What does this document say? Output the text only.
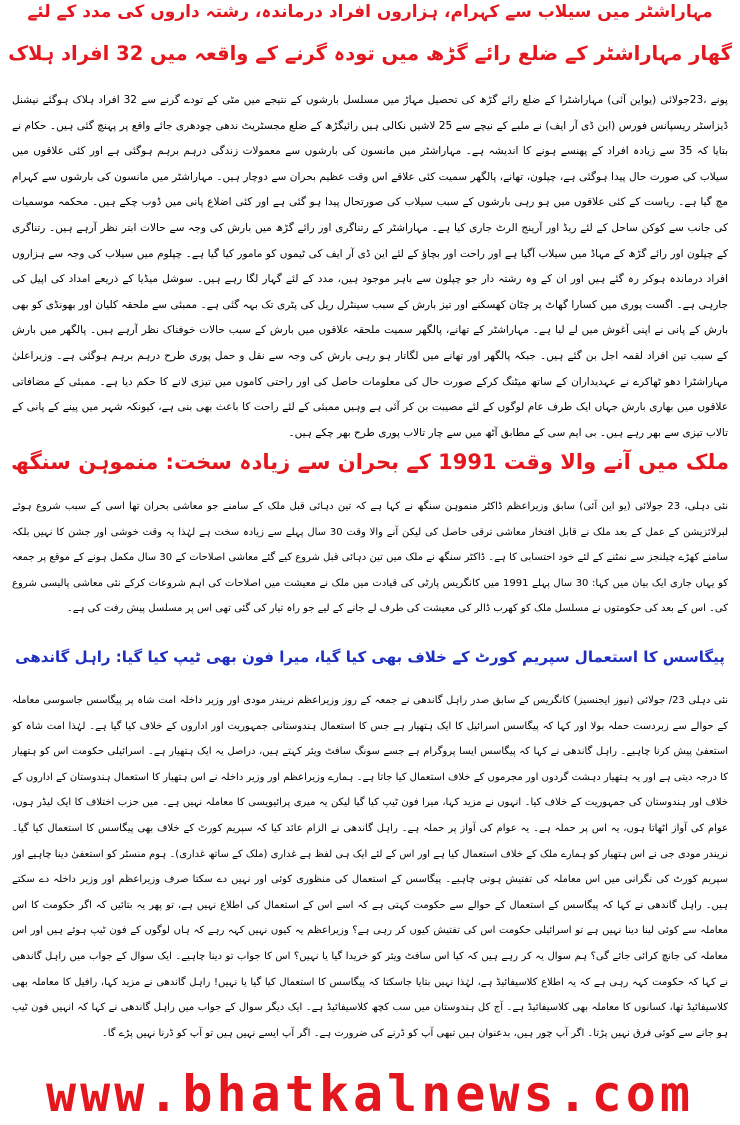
مہاراشٹر میں سیلاب سے کہرام، ہزاروں افراد درماندہ، رشتہ داروں کی مدد کے لئے
گھار مہاراشٹر کے ضلع رائے گڑھ میں تودہ گرنے کے واقعہ میں 32 افراد ہلاک
پونے ،23جولائی (یواین آئی) مہاراشٹرا کے ضلع رائے گڑھ کی تحصیل مہاڑ میں مسلسل بارشوں کے نتیجے میں مٹی کے تودے گرنے سے 32 افراد ہلاک ہوگئے نیشنل ڈیزاسٹر ریسپانس فورس (این ڈی آر ایف) نے ملبے کے نیچے سے 25 لاشیں نکالی ہیں رائیگڑھ کے ضلع مجسٹریٹ ندھی چودھری جائے واقع پر پہنچ گئی ہیں۔ حکام نے بتایا کہ 35 سے زیادہ افراد کے پھنسے ہونے کا اندیشہ ہے۔ مہاراشٹر میں مانسون کی بارشوں سے معمولات زندگی درہم برہم ہوگئی ہے اور کئی علاقوں میں سیلاب کی صورت حال پیدا ہوگئی ہے، چپلون، تھانے، پالگھر سمیت کئی علاقے اس وقت عظیم بحران سے دوچار ہیں۔ مہاراشٹر میں مانسون کی بارشوں سے کہرام مچ گیا ہے۔ ریاست کے کئی علاقوں میں ہو رہی بارشوں کے سبب سیلاب کی صورتحال پیدا ہو گئی ہے اور کئی اضلاع پانی میں ڈوب چکے ہیں۔ محکمہ موسمیات کی جانب سے کوکن ساحل کے لئے ریڈ اور آرینج الرٹ جاری کیا ہے۔ مہاراشٹر کے رتناگری اور رائے گڑھ میں بارش کی وجہ سے حالات ابتر نظر آرہے ہیں۔ رتناگری کے چپلون اور رائے گڑھ کے مہاڈ میں سیلاب آگیا ہے اور راحت اور بچاؤ کے لئے این ڈی آر ایف کی ٹیموں کو مامور کیا گیا ہے۔ چپلوم میں سیلاب کی وجہ سے ہزاروں افراد درماندہ ہوکر رہ گئے ہیں اور ان کے وہ رشتہ دار جو چپلون سے باہر موجود ہیں، مدد کے لئے گہار لگا رہے ہیں۔ سوشل میڈیا کے ذریعے امداد کی اپیل کی جارہی ہے۔ اگست پوری میں کسارا گھاٹ پر چٹان کھسکنے اور تیز بارش کے سبب سینٹرل ریل کی پٹری تک بہہ گئی ہے۔ ممبئی سے ملحقہ کلیان اور بھونڈی کو بھی بارش کے پانی نے اپنی آغوش میں لے لیا ہے۔ مہاراشٹر کے تھانے، پالگھر سمیت ملحقہ علاقوں میں بارش کے سبب حالات خوفناک نظر آرہے ہیں۔ پالگھر میں بارش کے سبب تین افراد لقمہ اجل بن گئے ہیں۔ جبکہ پالگھر اور تھانے میں لگاتار ہو رہی بارش کی وجہ سے نقل و حمل پوری طرح درہم برہم ہوگئی ہے۔ وزیراعلیٰ مہاراشٹرا دھو ٹھاکرے نے عہدیداران کے ساتھ میٹنگ کرکے صورت حال کی معلومات حاصل کی اور راحتی کاموں میں تیزی لانے کا حکم دیا ہے۔ ممبئی کے مضافاتی علاقوں میں بھاری بارش جہاں ایک طرف عام لوگوں کے لئے مصیبت بن کر آئی ہے وہیں ممبئی کے لئے راحت کا باعث بھی بنی ہے، کیونکہ شہر میں پینے کے پانی کے تالاب تیزی سے بھر رہے ہیں۔ بی ایم سی کے مطابق آٹھ میں سے چار تالاب پوری طرح بھر چکے ہیں۔
ملک میں آنے والا وقت 1991 کے بحران سے زیادہ سخت: منموہن سنگھ
نئی دہلی، 23 جولائی (یو این آئی) سابق وزیراعظم ڈاکٹر منموہن سنگھ نے کہا ہے کہ تین دہائی قبل ملک کے سامنے جو معاشی بحران تھا اسی کے سبب شروع ہوئے لبرلائزیشن کے عمل کے بعد ملک نے قابل افتخار معاشی ترقی حاصل کی لیکن آنے والا وقت 30 سال پہلے سے زیادہ سخت ہے لہٰذا یہ وقت خوشی اور جشن کا نہیں بلکہ سامنے کھڑے چیلنجز سے نمٹنے کے لئے خود احتسابی کا ہے۔ ڈاکٹر سنگھ نے ملک میں تین دہائی قبل شروع کیے گئے معاشی اصلاحات کے 30 سال مکمل ہونے کے موقع پر جمعہ کو یہاں جاری ایک بیان میں کہا: 30 سال پہلے 1991 میں کانگریس پارٹی کی قیادت میں ملک نے معیشت میں اصلاحات کی اہم شروعات کرکے نئی معاشی پالیسی شروع کی۔ اس کے بعد کی حکومتوں نے مسلسل ملک کو کھرب ڈالر کی معیشت کی طرف لے جانے کے لیے جو راہ تیار کی گئی تھی اس پر مسلسل پیش رفت کی ہے۔
پیگاسس کا استعمال سپریم کورٹ کے خلاف بھی کیا گیا، میرا فون بھی ٹیپ کیا گیا: راہل گاندھی
نئی دہلی 23/ جولائی (نیوز ایجنسیز) کانگریس کے سابق صدر راہل گاندھی نے جمعہ کے روز وزیراعظم نریندر مودی اور وزیر داخلہ امت شاہ پر پیگاسس جاسوسی معاملہ کے حوالے سے زبردست حملہ بولا اور کہا کہ پیگاسس اسرائیل کا ایک ہتھیار ہے جس کا استعمال ہندوستانی جمہوریت اور اداروں کے خلاف کیا گیا ہے۔ لہٰذا امت شاہ کو استعفیٰ پیش کرنا چاہیے۔ راہل گاندھی نے کہا کہ پیگاسس ایسا پروگرام ہے جسے سونگ سافٹ ویئر کہتے ہیں، دراصل یہ ایک ہتھیار ہے۔ اسرائیلی حکومت اس کو ہتھیار کا درجہ دیتی ہے اور یہ ہتھیار دہشت گردوں اور مجرموں کے خلاف استعمال کیا جاتا ہے۔ ہمارے وزیراعظم اور وزیر داخلہ نے اس ہتھیار کا استعمال ہندوستان کے اداروں کے خلاف اور ہندوستان کی جمہوریت کے خلاف کیا۔ انہوں نے مزید کہا، میرا فون ٹیپ کیا گیا لیکن یہ میری پرائیویسی کا معاملہ نہیں ہے۔ میں حزب اختلاف کا ایک لیڈر ہوں، عوام کی آواز اٹھاتا ہوں، یہ اس پر حملہ ہے۔ یہ عوام کی آواز پر حملہ ہے۔ راہل گاندھی نے الزام عائد کیا کہ سپریم کورٹ کے خلاف بھی پیگاسس کا استعمال کیا گیا۔ نریندر مودی جی نے اس ہتھیار کو ہمارے ملک کے خلاف استعمال کیا ہے اور اس کے لئے ایک ہی لفظ ہے غداری (ملک کے ساتھ غداری)۔ ہوم منسٹر کو استعفیٰ دینا چاہیے اور سپریم کورٹ کی نگرانی میں اس معاملہ کی تفتیش ہونی چاہیے۔ پیگاسس کے استعمال کی منظوری کوئی اور نہیں دے سکتا صرف وزیراعظم اور وزیر داخلہ دے سکتے ہیں۔ راہل گاندھی نے کہا کہ پیگاسس کے استعمال کے حوالے سے حکومت کہتی ہے کہ اسے اس کے استعمال کی اطلاع نہیں ہے، تو پھر یہ بتائیں کہ اگر حکومت کا اس معاملہ سے کوئی لینا دینا نہیں ہے تو اسرائیلی حکومت اس کی تفتیش کیوں کر رہی ہے؟ وزیراعظم یہ کیوں نہیں کہہ رہے کہ ہاں لوگوں کے فون ٹیپ ہوئے ہیں اور اس معاملہ کی جانچ کرائی جائے گی؟ ہم سوال یہ کر رہے ہیں کہ کیا اس سافٹ ویئر کو خریدا گیا یا نہیں؟ اس کا جواب تو دینا چاہیے۔ ایک سوال کے جواب میں راہل گاندھی نے کہا کہ حکومت کہہ رہی ہے کہ یہ اطلاع کلاسیفائیڈ ہے، لہٰذا نہیں بتایا جاسکتا کہ پیگاسس کا استعمال کیا گیا یا نہیں! راہل گاندھی نے مزید کہا، رافیل کا معاملہ بھی کلاسیفائیڈ تھا، کسانوں کا معاملہ بھی کلاسیفائیڈ ہے۔ آج کل ہندوستان میں سب کچھ کلاسیفائیڈ ہے۔ ایک دیگر سوال کے جواب میں راہل گاندھی نے کہا کہ انہیں فون ٹیپ ہو جانے سے کوئی فرق نہیں پڑتا۔ اگر آپ چور ہیں، بدعنوان ہیں تبھی آپ کو ڈرنے کی ضرورت ہے۔ اگر آپ ایسے نہیں ہیں تو آپ کو ڈرنا نہیں پڑے گا۔
www.bhatkalnews.com
